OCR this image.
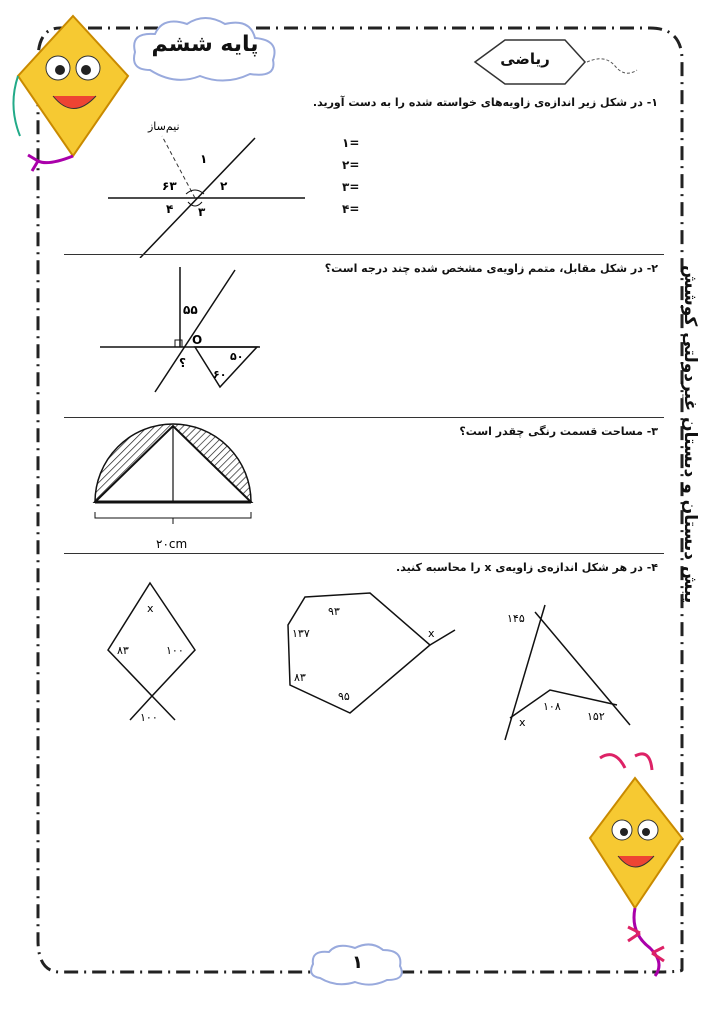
پایه ششم
ریاضی
پیش دبستان و دبستان غیردولتی کوشش
۱- در شکل زیر اندازه‌ی زاویه‌های خواسته شده را به دست آورید.
نیم‌ساز
۶۳
۱
۲
۳
۴
۱=
۲=
۳=
۴=
۲- در شکل مقابل، متمم زاویه‌ی مشخص شده چند درجه است؟
۵۵
O
۵۰
۶۰
؟
۳- مساحت قسمت رنگی چقدر است؟
۲۰cm
۴- در هر شکل اندازه‌ی زاویه‌ی x را محاسبه کنید.
x
۸۳	۱۰۰
۱۰۰
۹۳
۱۳۷
۸۳
۹۵
x
۱۴۵
۱۰۸
۱۵۲
x
۱
